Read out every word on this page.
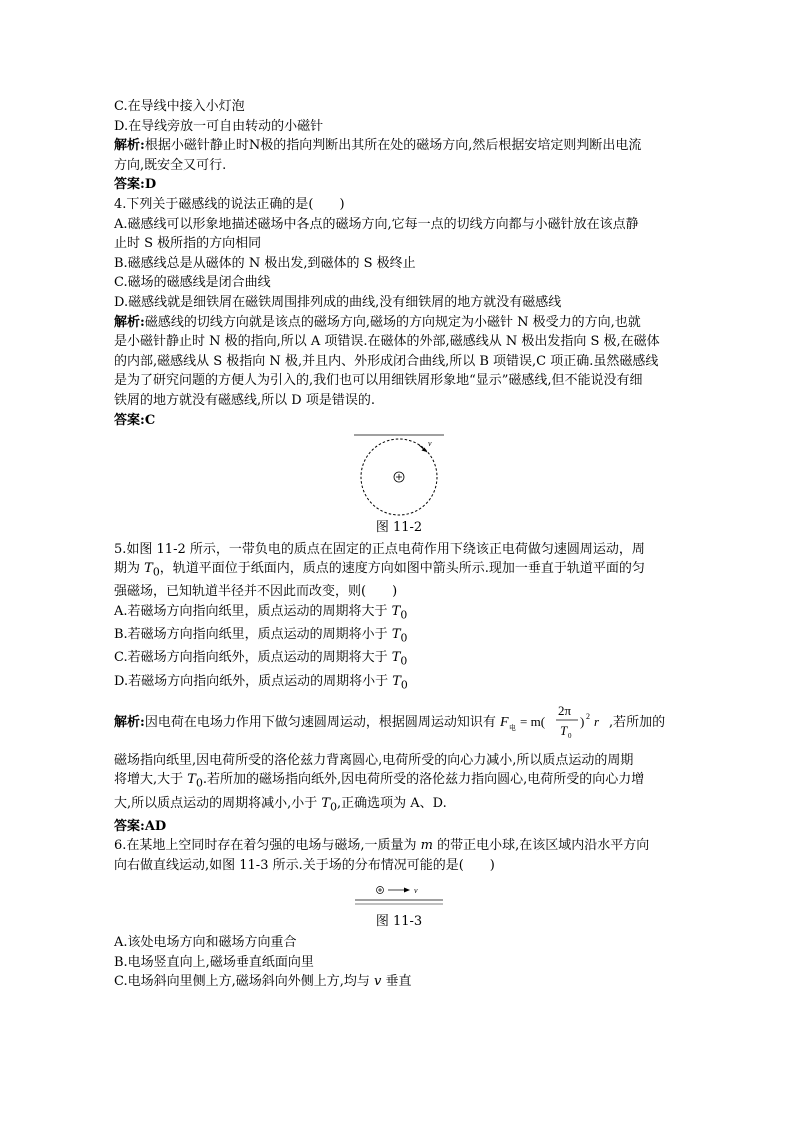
C.在导线中接入小灯泡
D.在导线旁放一可自由转动的小磁针
解析:根据小磁针静止时N极的指向判断出其所在处的磁场方向,然后根据安培定则判断出电流
方向,既安全又可行.
答案:D
4.下列关于磁感线的说法正确的是(　　)
A.磁感线可以形象地描述磁场中各点的磁场方向,它每一点的切线方向都与小磁针放在该点静
止时 S 极所指的方向相同
B.磁感线总是从磁体的 N 极出发,到磁体的 S 极终止
C.磁场的磁感线是闭合曲线
D.磁感线就是细铁屑在磁铁周围排列成的曲线,没有细铁屑的地方就没有磁感线
解析:磁感线的切线方向就是该点的磁场方向,磁场的方向规定为小磁针 N 极受力的方向,也就
是小磁针静止时 N 极的指向,所以 A 项错误.在磁体的外部,磁感线从 N 极出发指向 S 极,在磁体
的内部,磁感线从 S 极指向 N 极,并且内、外形成闭合曲线,所以 B 项错误,C 项正确.虽然磁感线
是为了研究问题的方便人为引入的,我们也可以用细铁屑形象地“显示”磁感线,但不能说没有细
铁屑的地方就没有磁感线,所以 D 项是错误的.
答案:C
v
图 11-2
5.如图 11-2 所示，一带负电的质点在固定的正点电荷作用下绕该正电荷做匀速圆周运动，周
期为 $T_0$，轨道平面位于纸面内，质点的速度方向如图中箭头所示.现加一垂直于轨道平面的匀
强磁场，已知轨道半径并不因此而改变，则(　　)
A.若磁场方向指向纸里，质点运动的周期将大于 $T_0$
B.若磁场方向指向纸里，质点运动的周期将小于 $T_0$
C.若磁场方向指向纸外，质点运动的周期将大于 $T_0$
D.若磁场方向指向纸外，质点运动的周期将小于 $T_0$
解析:因电荷在电场力作用下做匀速圆周运动，根据圆周运动知识有 F 电 = m(
2π
T 0
) 2 r ,若所加的
磁场指向纸里,因电荷所受的洛伦兹力背离圆心,电荷所受的向心力减小,所以质点运动的周期
将增大,大于 $T_0$.若所加的磁场指向纸外,因电荷所受的洛伦兹力指向圆心,电荷所受的向心力增
大,所以质点运动的周期将减小,小于 $T_0$,正确选项为 A、D.
答案:AD
6.在某地上空同时存在着匀强的电场与磁场,一质量为 m 的带正电小球,在该区域内沿水平方向
向右做直线运动,如图 11-3 所示.关于场的分布情况可能的是(　　)
v
图 11-3
A.该处电场方向和磁场方向重合
B.电场竖直向上,磁场垂直纸面向里
C.电场斜向里侧上方,磁场斜向外侧上方,均与 v 垂直
